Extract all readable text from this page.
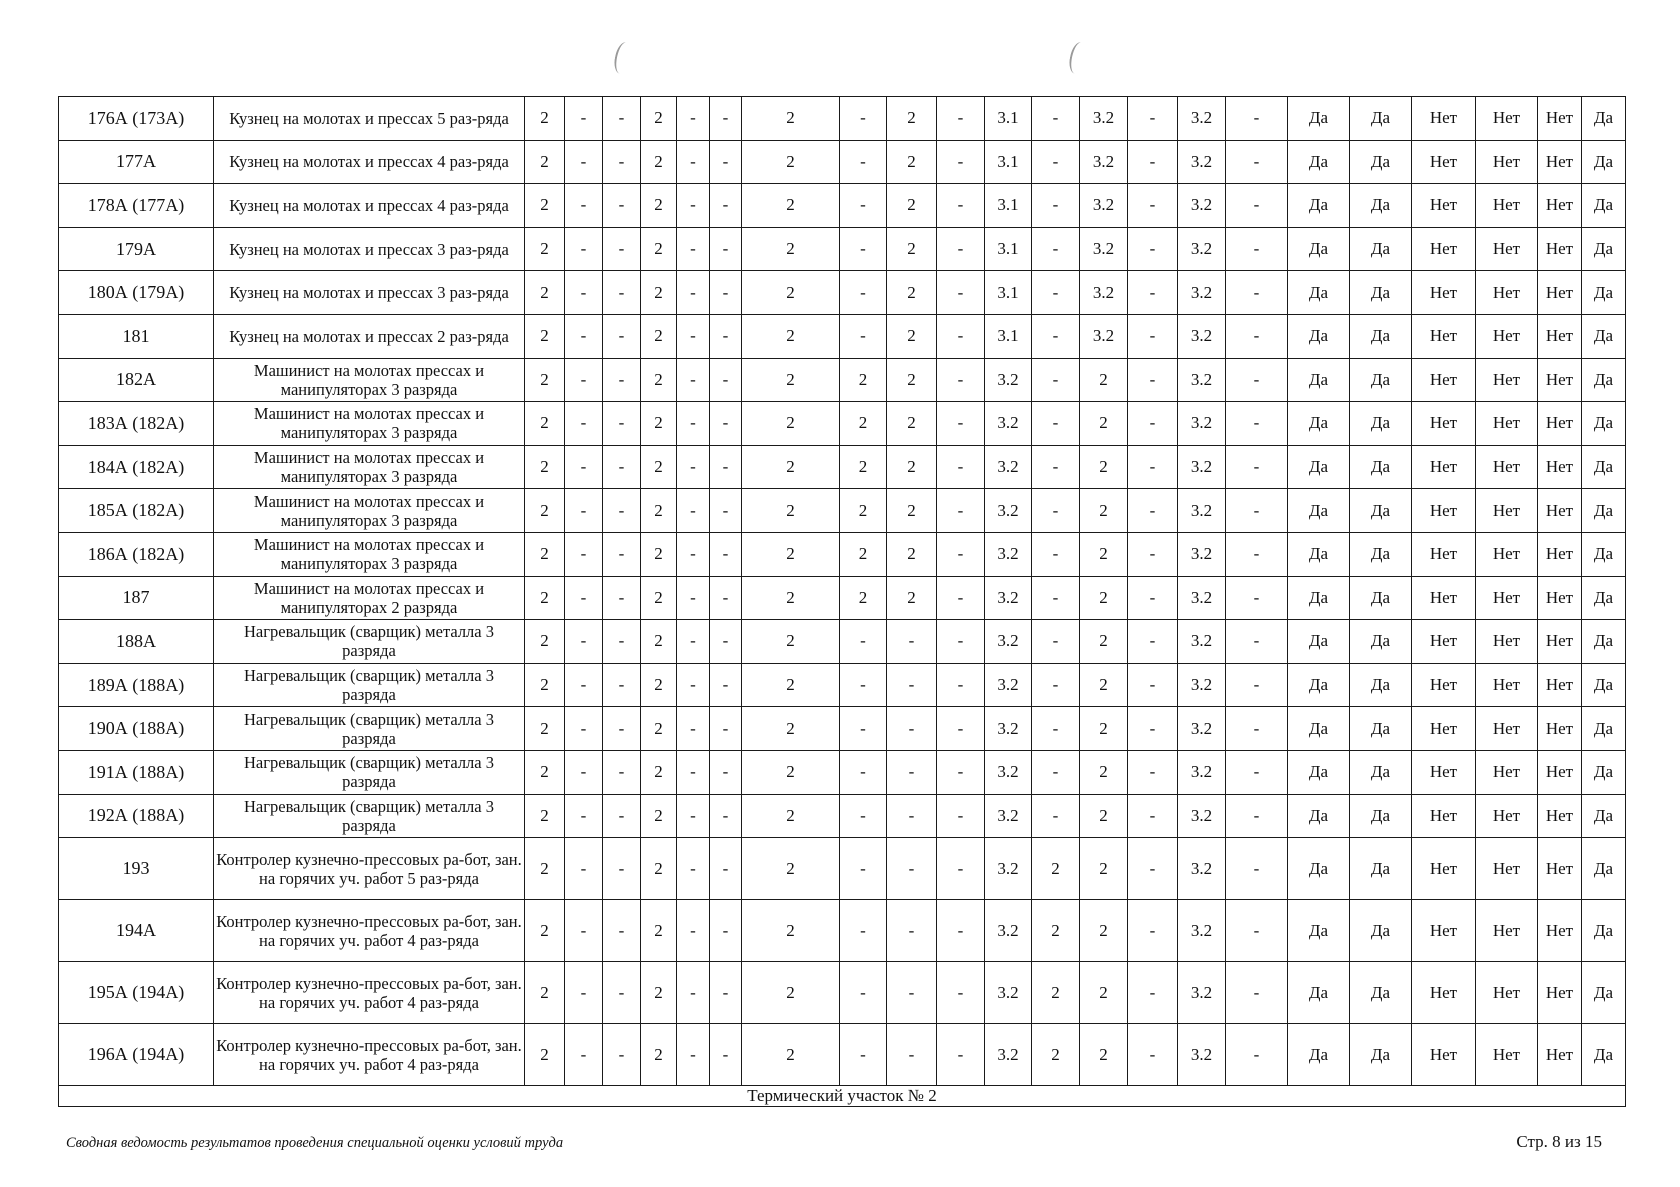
176А (173А)	Кузнец на молотах и прессах 5 раз-ряда	2	-	-	2	-	-	2	-	2	-	3.1	-	3.2	-	3.2	-	Да	Да	Нет	Нет	Нет	Да
177А	Кузнец на молотах и прессах 4 раз-ряда	2	-	-	2	-	-	2	-	2	-	3.1	-	3.2	-	3.2	-	Да	Да	Нет	Нет	Нет	Да
178А (177А)	Кузнец на молотах и прессах 4 раз-ряда	2	-	-	2	-	-	2	-	2	-	3.1	-	3.2	-	3.2	-	Да	Да	Нет	Нет	Нет	Да
179А	Кузнец на молотах и прессах 3 раз-ряда	2	-	-	2	-	-	2	-	2	-	3.1	-	3.2	-	3.2	-	Да	Да	Нет	Нет	Нет	Да
180А (179А)	Кузнец на молотах и прессах 3 раз-ряда	2	-	-	2	-	-	2	-	2	-	3.1	-	3.2	-	3.2	-	Да	Да	Нет	Нет	Нет	Да
181	Кузнец на молотах и прессах 2 раз-ряда	2	-	-	2	-	-	2	-	2	-	3.1	-	3.2	-	3.2	-	Да	Да	Нет	Нет	Нет	Да
182А	Машинист на молотах прессах и манипуляторах 3 разряда	2	-	-	2	-	-	2	2	2	-	3.2	-	2	-	3.2	-	Да	Да	Нет	Нет	Нет	Да
183А (182А)	Машинист на молотах прессах и манипуляторах 3 разряда	2	-	-	2	-	-	2	2	2	-	3.2	-	2	-	3.2	-	Да	Да	Нет	Нет	Нет	Да
184А (182А)	Машинист на молотах прессах и манипуляторах 3 разряда	2	-	-	2	-	-	2	2	2	-	3.2	-	2	-	3.2	-	Да	Да	Нет	Нет	Нет	Да
185А (182А)	Машинист на молотах прессах и манипуляторах 3 разряда	2	-	-	2	-	-	2	2	2	-	3.2	-	2	-	3.2	-	Да	Да	Нет	Нет	Нет	Да
186А (182А)	Машинист на молотах прессах и манипуляторах 3 разряда	2	-	-	2	-	-	2	2	2	-	3.2	-	2	-	3.2	-	Да	Да	Нет	Нет	Нет	Да
187	Машинист на молотах прессах и манипуляторах 2 разряда	2	-	-	2	-	-	2	2	2	-	3.2	-	2	-	3.2	-	Да	Да	Нет	Нет	Нет	Да
188А	Нагревальщик (сварщик) металла 3 разряда	2	-	-	2	-	-	2	-	-	-	3.2	-	2	-	3.2	-	Да	Да	Нет	Нет	Нет	Да
189А (188А)	Нагревальщик (сварщик) металла 3 разряда	2	-	-	2	-	-	2	-	-	-	3.2	-	2	-	3.2	-	Да	Да	Нет	Нет	Нет	Да
190А (188А)	Нагревальщик (сварщик) металла 3 разряда	2	-	-	2	-	-	2	-	-	-	3.2	-	2	-	3.2	-	Да	Да	Нет	Нет	Нет	Да
191А (188А)	Нагревальщик (сварщик) металла 3 разряда	2	-	-	2	-	-	2	-	-	-	3.2	-	2	-	3.2	-	Да	Да	Нет	Нет	Нет	Да
192А (188А)	Нагревальщик (сварщик) металла 3 разряда	2	-	-	2	-	-	2	-	-	-	3.2	-	2	-	3.2	-	Да	Да	Нет	Нет	Нет	Да
193	Контролер кузнечно-прессовых ра-бот, зан. на горячих уч. работ 5 раз-ряда	2	-	-	2	-	-	2	-	-	-	3.2	2	2	-	3.2	-	Да	Да	Нет	Нет	Нет	Да
194А	Контролер кузнечно-прессовых ра-бот, зан. на горячих уч. работ 4 раз-ряда	2	-	-	2	-	-	2	-	-	-	3.2	2	2	-	3.2	-	Да	Да	Нет	Нет	Нет	Да
195А (194А)	Контролер кузнечно-прессовых ра-бот, зан. на горячих уч. работ 4 раз-ряда	2	-	-	2	-	-	2	-	-	-	3.2	2	2	-	3.2	-	Да	Да	Нет	Нет	Нет	Да
196А (194А)	Контролер кузнечно-прессовых ра-бот, зан. на горячих уч. работ 4 раз-ряда	2	-	-	2	-	-	2	-	-	-	3.2	2	2	-	3.2	-	Да	Да	Нет	Нет	Нет	Да
Термический участок № 2																							
Сводная ведомость результатов проведения специальной оценки условий труда	Стр. 8 из 15
